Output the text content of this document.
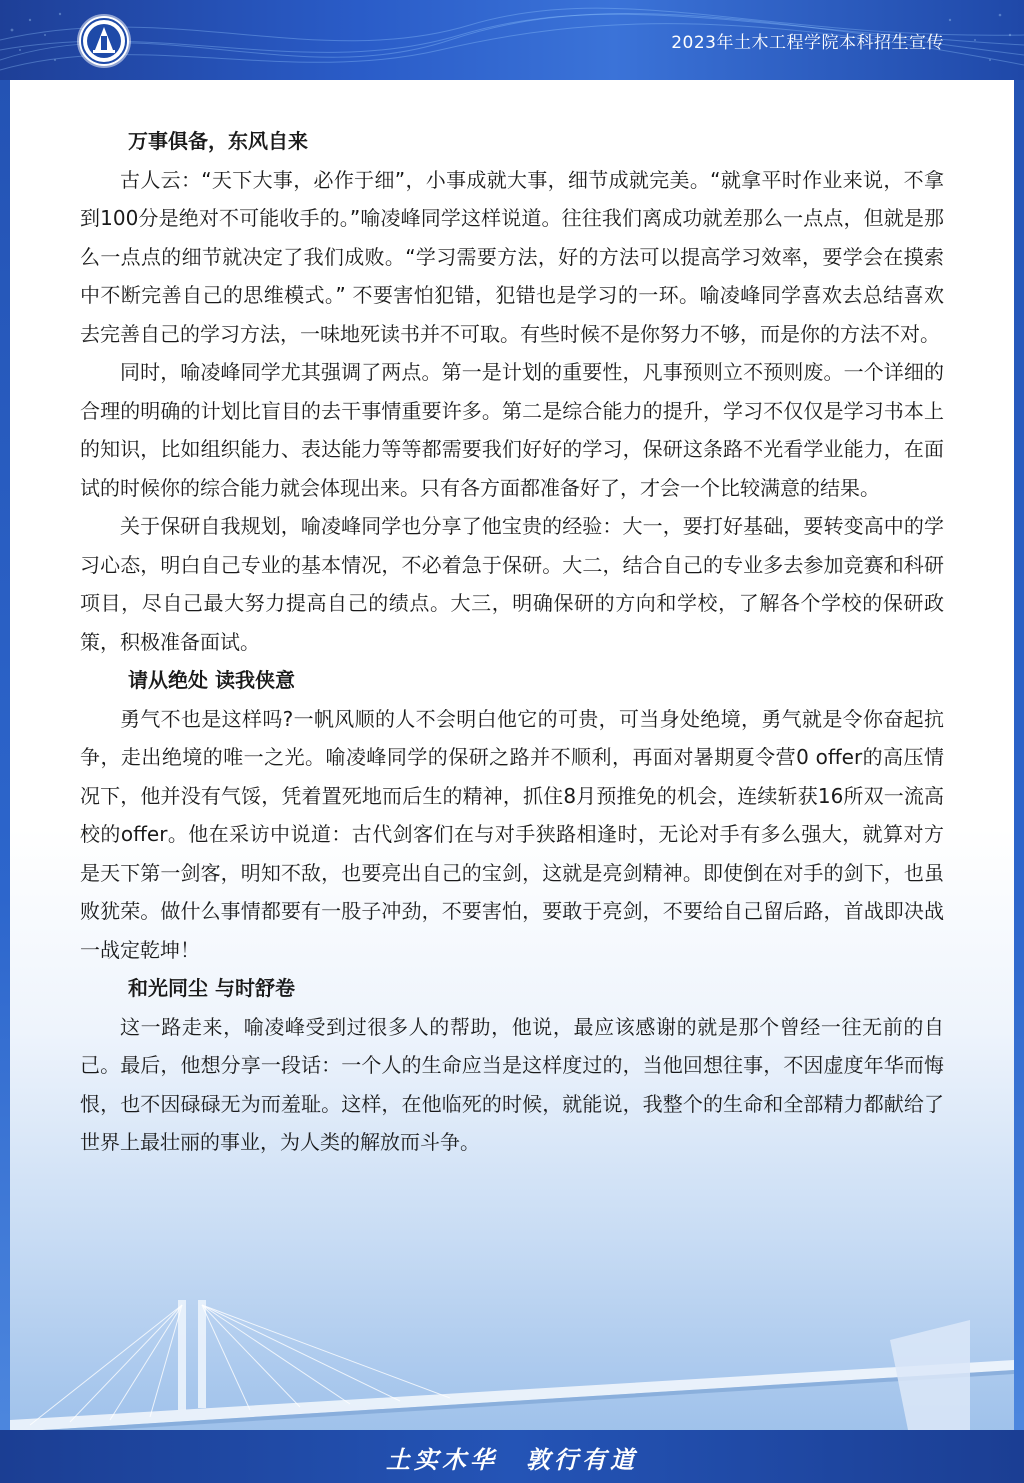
2023年土木工程学院本科招生宣传
万事俱备，东风自来

古人云：“天下大事，必作于细”，小事成就大事，细节成就完美。“就拿平时作业来说，不拿到100分是绝对不可能收手的。”喻凌峰同学这样说道。往往我们离成功就差那么一点点，但就是那么一点点的细节就决定了我们成败。“学习需要方法，好的方法可以提高学习效率，要学会在摸索中不断完善自己的思维模式。” 不要害怕犯错，犯错也是学习的一环。喻凌峰同学喜欢去总结喜欢去完善自己的学习方法，一味地死读书并不可取。有些时候不是你努力不够，而是你的方法不对。

同时，喻凌峰同学尤其强调了两点。第一是计划的重要性，凡事预则立不预则废。一个详细的合理的明确的计划比盲目的去干事情重要许多。第二是综合能力的提升，学习不仅仅是学习书本上的知识，比如组织能力、表达能力等等都需要我们好好的学习，保研这条路不光看学业能力，在面试的时候你的综合能力就会体现出来。只有各方面都准备好了，才会一个比较满意的结果。

关于保研自我规划，喻凌峰同学也分享了他宝贵的经验：大一，要打好基础，要转变高中的学习心态，明白自己专业的基本情况，不必着急于保研。大二，结合自己的专业多去参加竞赛和科研项目，尽自己最大努力提高自己的绩点。大三，明确保研的方向和学校，了解各个学校的保研政策，积极准备面试。

请从绝处 读我侠意

勇气不也是这样吗?一帆风顺的人不会明白他它的可贵，可当身处绝境，勇气就是令你奋起抗争，走出绝境的唯一之光。喻凌峰同学的保研之路并不顺利，再面对暑期夏令营0 offer的高压情况下，他并没有气馁，凭着置死地而后生的精神，抓住8月预推免的机会，连续斩获16所双一流高校的offer。他在采访中说道：古代剑客们在与对手狭路相逢时，无论对手有多么强大，就算对方是天下第一剑客，明知不敌，也要亮出自己的宝剑，这就是亮剑精神。即使倒在对手的剑下，也虽败犹荣。做什么事情都要有一股子冲劲，不要害怕，要敢于亮剑，不要给自己留后路，首战即决战 一战定乾坤！

和光同尘 与时舒卷

这一路走来，喻凌峰受到过很多人的帮助，他说，最应该感谢的就是那个曾经一往无前的自己。最后，他想分享一段话：一个人的生命应当是这样度过的，当他回想往事，不因虚度年华而悔恨，也不因碌碌无为而羞耻。这样，在他临死的时候，就能说，我整个的生命和全部精力都献给了世界上最壮丽的事业，为人类的解放而斗争。

土实木华　敦行有道
